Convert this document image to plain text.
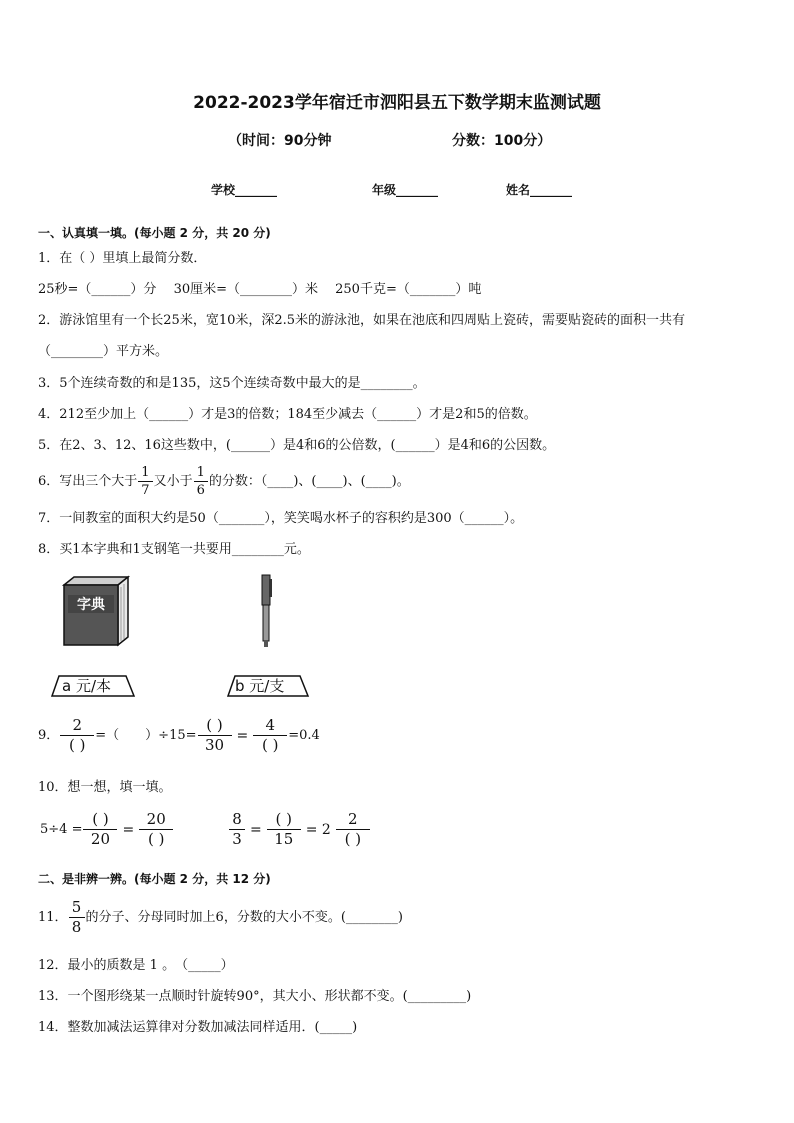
2022-2023学年宿迁市泗阳县五下数学期末监测试题
（时间：90分钟	分数：100分）
学校_______	年级_______	姓名_______
一、认真填一填。(每小题 2 分，共 20 分)
1．在（ ）里填上最简分数．
25秒=（______）分　 30厘米=（________）米　 250千克=（_______）吨
2．游泳馆里有一个长25米，宽10米，深2.5米的游泳池，如果在池底和四周贴上瓷砖，需要贴瓷砖的面积一共有
（________）平方米。
3．5个连续奇数的和是135，这5个连续奇数中最大的是________。
4．212至少加上（______）才是3的倍数；184至少减去（______）才是2和5的倍数。
5．在2、3、12、16这些数中，(______）是4和6的公倍数，(______）是4和6的公因数。
6．写出三个大于 $\frac{1}{7}$ 又小于 $\frac{1}{6}$ 的分数：（____)、(____)、(____)。
7．一间教室的面积大约是50（_______），笑笑喝水杯子的容积约是300（______）。
8．买1本字典和1支钢笔一共要用________元。
字典
a 元/本	b 元/支
9． $\frac{2}{( )}$ =（　　）$\div 15= \frac{( )}{30} = \frac{4}{( )} =0.4$
10．想一想，填一填。
$5\div 4 = \frac{( )}{20} = \frac{20}{( )}$	$\frac{8}{3} = \frac{( )}{15} = 2 \frac{2}{( )}$
二、是非辨一辨。(每小题 2 分，共 12 分)
11． $\frac{5}{8}$ 的分子、分母同时加上6，分数的大小不变。(________)
12．最小的质数是 1 。　（_____）
13．一个图形绕某一点顺时针旋转90°，其大小、形状都不变。(_________)
14．整数加减法运算律对分数加减法同样适用．(_____)
